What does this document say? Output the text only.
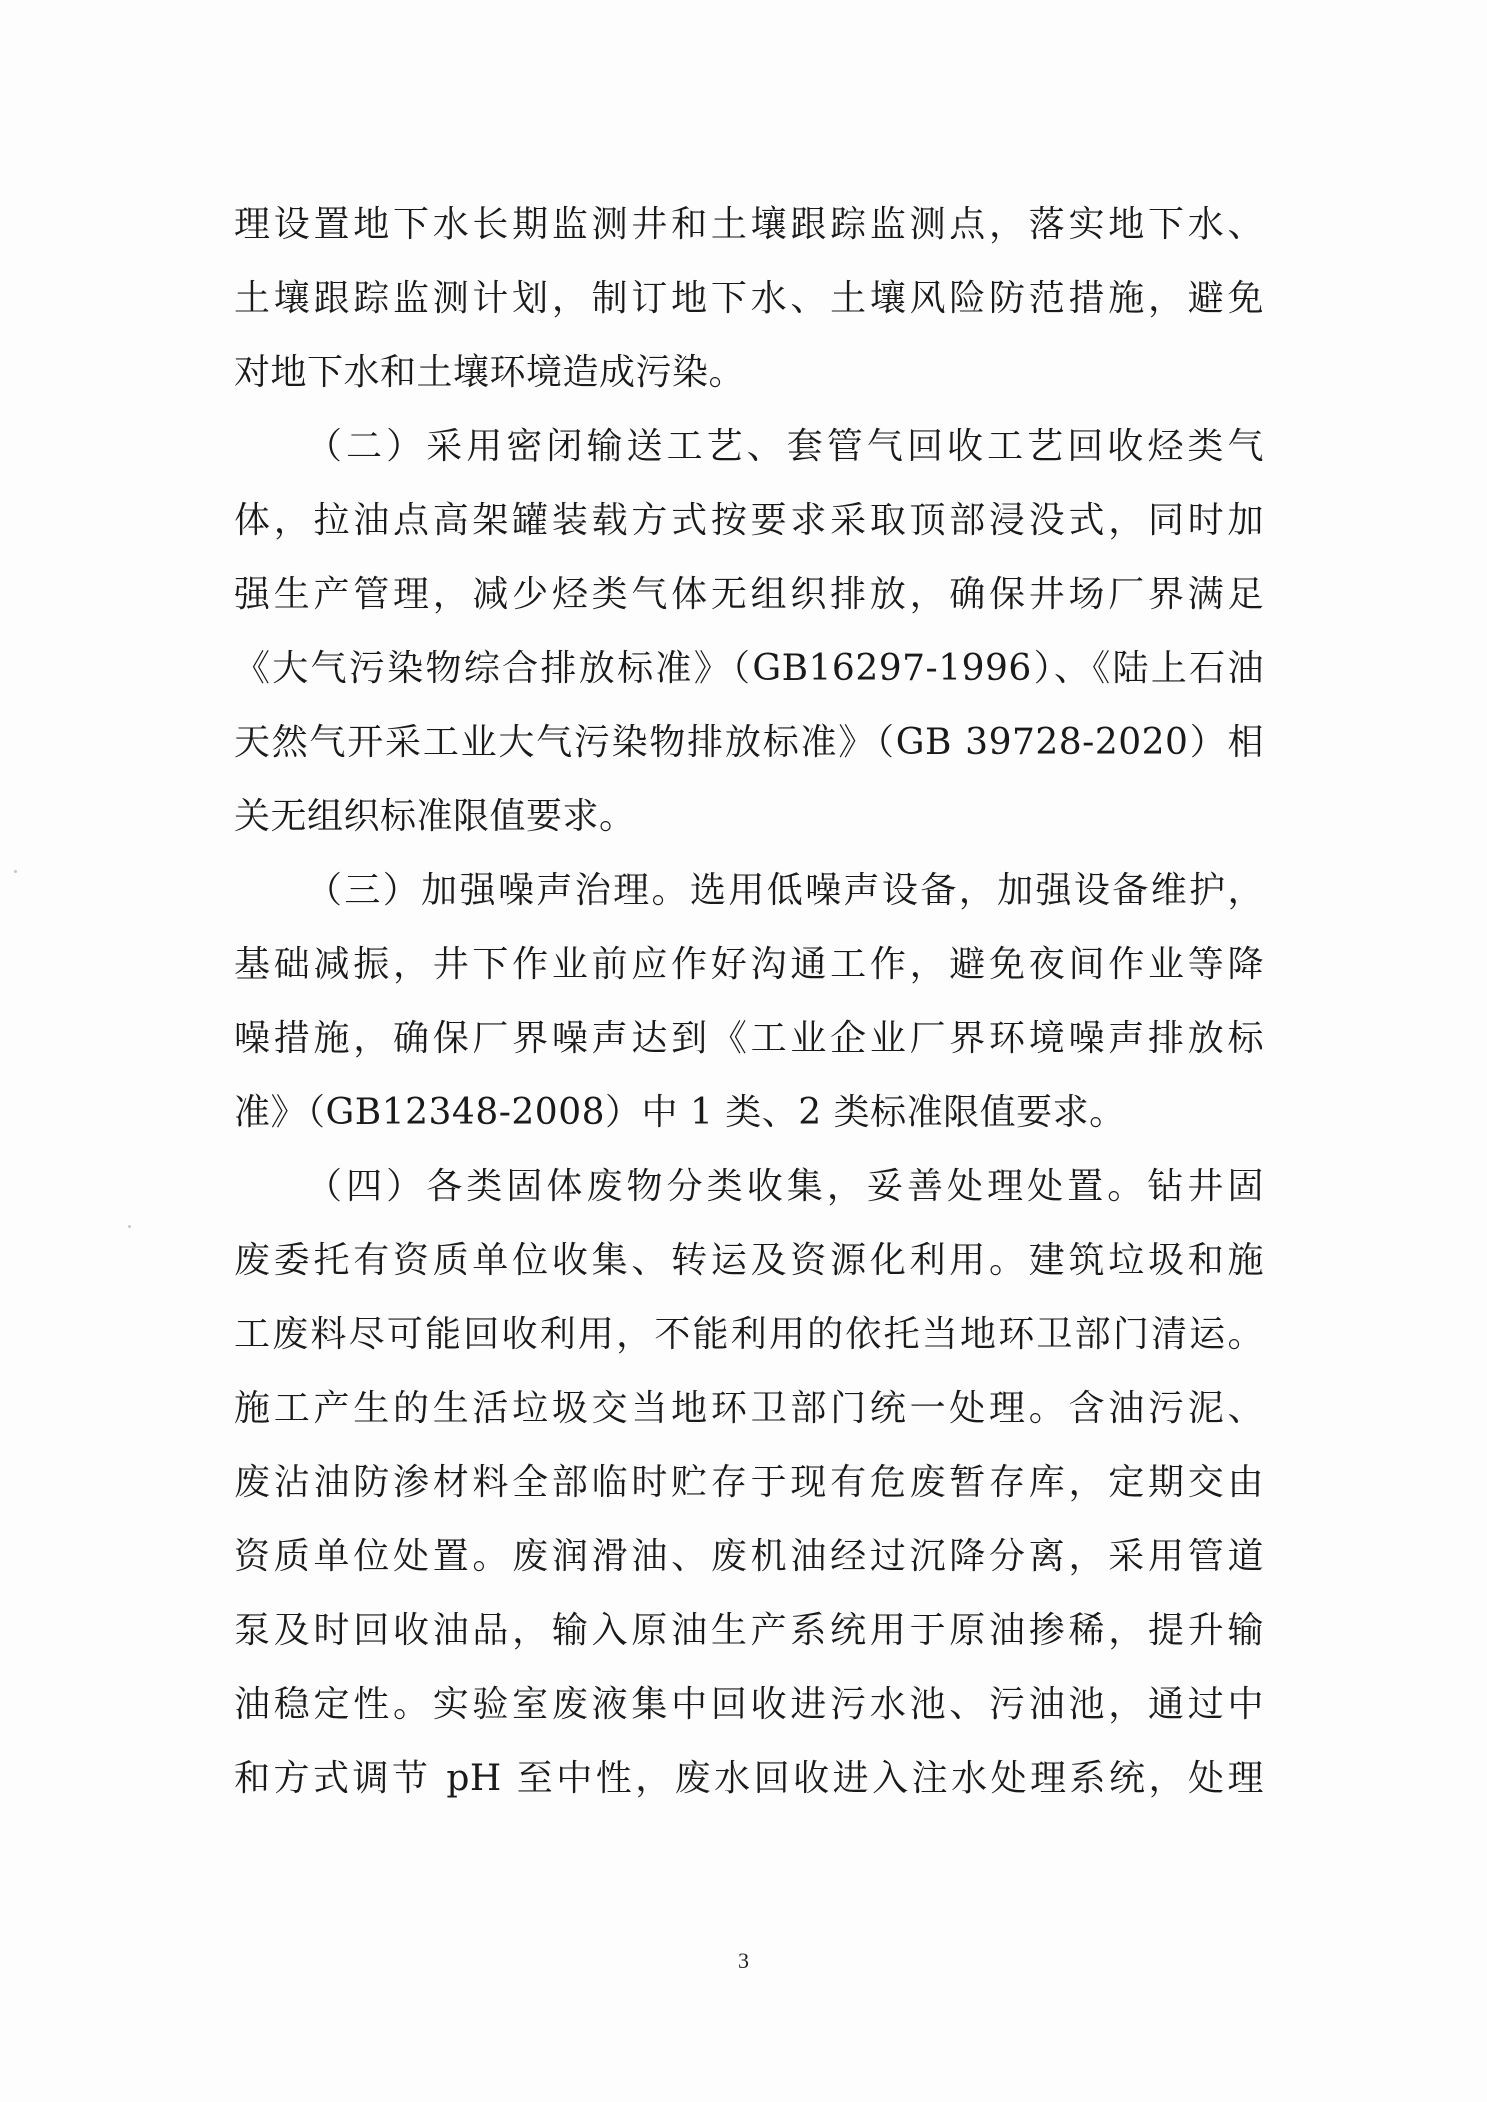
理设置地下水长期监测井和土壤跟踪监测点，落实地下水、
土壤跟踪监测计划，制订地下水、土壤风险防范措施，避免
对地下水和土壤环境造成污染。
（二）采用密闭输送工艺、套管气回收工艺回收烃类气
体，拉油点高架罐装载方式按要求采取顶部浸没式，同时加
强生产管理，减少烃类气体无组织排放，确保井场厂界满足
《大气污染物综合排放标准》（GB16297-1996）、《陆上石油
天然气开采工业大气污染物排放标准》（GB 39728-2020）相
关无组织标准限值要求。
（三）加强噪声治理。选用低噪声设备，加强设备维护，
基础减振，井下作业前应作好沟通工作，避免夜间作业等降
噪措施，确保厂界噪声达到《工业企业厂界环境噪声排放标
准》（GB12348-2008）中 1 类、2 类标准限值要求。
（四）各类固体废物分类收集，妥善处理处置。钻井固
废委托有资质单位收集、转运及资源化利用。建筑垃圾和施
工废料尽可能回收利用，不能利用的依托当地环卫部门清运。
施工产生的生活垃圾交当地环卫部门统一处理。含油污泥、
废沾油防渗材料全部临时贮存于现有危废暂存库，定期交由
资质单位处置。废润滑油、废机油经过沉降分离，采用管道
泵及时回收油品，输入原油生产系统用于原油掺稀，提升输
油稳定性。实验室废液集中回收进污水池、污油池，通过中
和方式调节 pH 至中性，废水回收进入注水处理系统，处理
3
